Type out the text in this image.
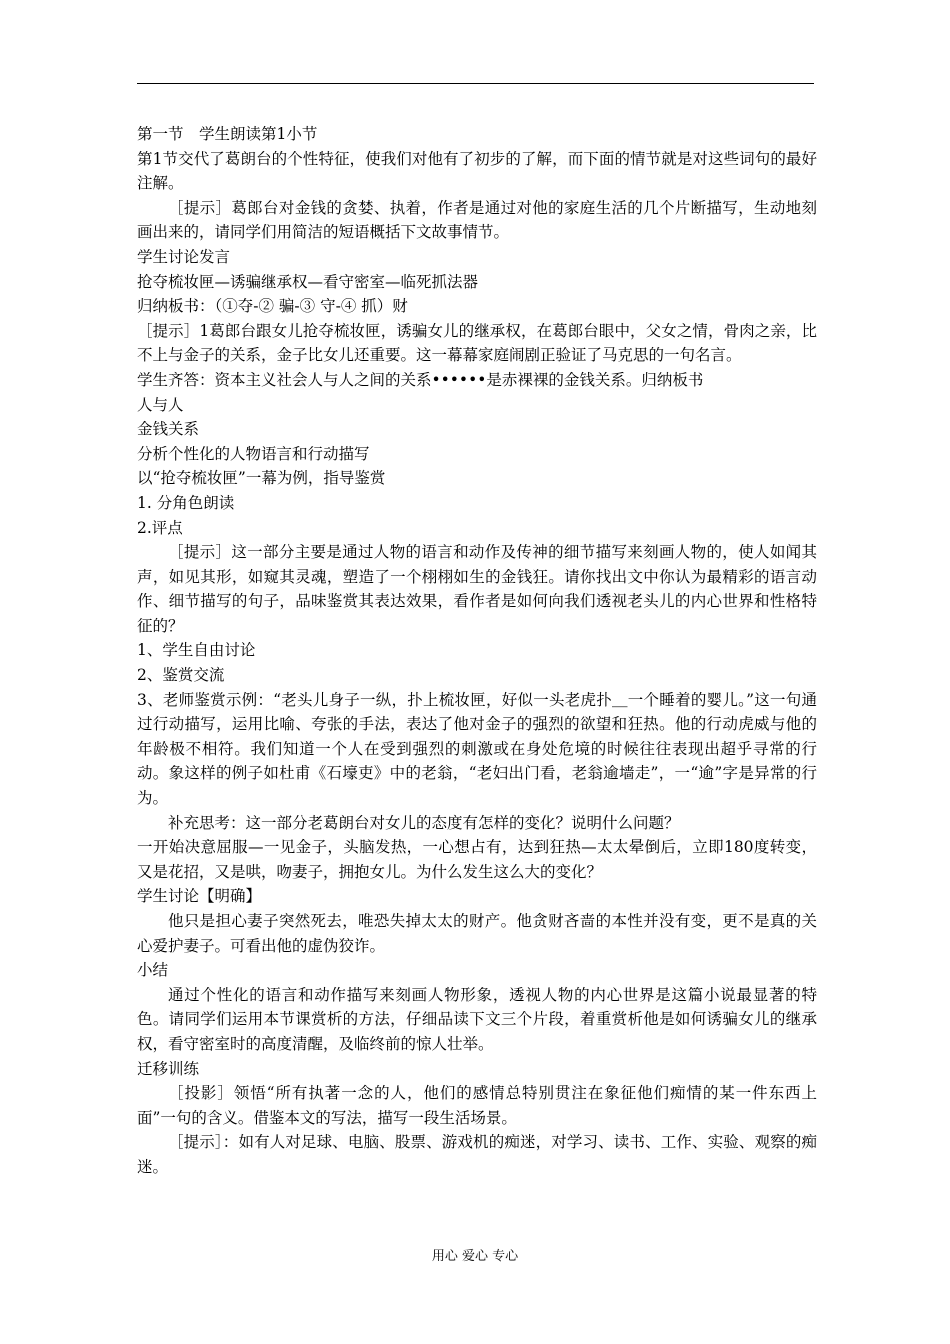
第一节　学生朗读第1小节

第1节交代了葛朗台的个性特征，使我们对他有了初步的了解，而下面的情节就是对这些词句的最好注解。

［提示］葛郎台对金钱的贪婪、执着，作者是通过对他的家庭生活的几个片断描写，生动地刻画出来的，请同学们用简洁的短语概括下文故事情节。

学生讨论发言

抢夺梳妆匣—诱骗继承权—看守密室—临死抓法器

归纳板书：（①夺-② 骗-③ 守-④ 抓）财

［提示］1葛郎台跟女儿抢夺梳妆匣，诱骗女儿的继承权，在葛郎台眼中，父女之情，骨肉之亲，比不上与金子的关系，金子比女儿还重要。这一幕幕家庭闹剧正验证了马克思的一句名言。

学生齐答：资本主义社会人与人之间的关系••••••是赤裸裸的金钱关系。归纳板书

人与人

金钱关系

分析个性化的人物语言和行动描写

以“抢夺梳妆匣”一幕为例，指导鉴赏

1. 分角色朗读

2.评点

［提示］这一部分主要是通过人物的语言和动作及传神的细节描写来刻画人物的，使人如闻其声，如见其形，如窥其灵魂，塑造了一个栩栩如生的金钱狂。请你找出文中你认为最精彩的语言动作、细节描写的句子，品味鉴赏其表达效果，看作者是如何向我们透视老头儿的内心世界和性格特征的？

1、学生自由讨论

2、鉴赏交流

3、老师鉴赏示例：“老头儿身子一纵，扑上梳妆匣，好似一头老虎扑＿一个睡着的婴儿。”这一句通过行动描写，运用比喻、夸张的手法，表达了他对金子的强烈的欲望和狂热。他的行动虎威与他的年龄极不相符。我们知道一个人在受到强烈的刺激或在身处危境的时候往往表现出超乎寻常的行动。象这样的例子如杜甫《石壕吏》中的老翁，“老妇出门看，老翁逾墙走”，一“逾”字是异常的行为。

补充思考：这一部分老葛朗台对女儿的态度有怎样的变化？说明什么问题？

一开始决意屈服—一见金子，头脑发热，一心想占有，达到狂热—太太晕倒后，立即180度转变，又是花招，又是哄，吻妻子，拥抱女儿。为什么发生这么大的变化？

学生讨论【明确】

他只是担心妻子突然死去，唯恐失掉太太的财产。他贪财吝啬的本性并没有变，更不是真的关心爱护妻子。可看出他的虚伪狡诈。

小结

通过个性化的语言和动作描写来刻画人物形象，透视人物的内心世界是这篇小说最显著的特色。请同学们运用本节课赏析的方法，仔细品读下文三个片段，着重赏析他是如何诱骗女儿的继承权，看守密室时的高度清醒，及临终前的惊人壮举。

迁移训练

［投影］领悟“所有执著一念的人，他们的感情总特别贯注在象征他们痴情的某一件东西上面”一句的含义。借鉴本文的写法，描写一段生活场景。

［提示］：如有人对足球、电脑、股票、游戏机的痴迷，对学习、读书、工作、实验、观察的痴迷。

用心 爱心 专心
